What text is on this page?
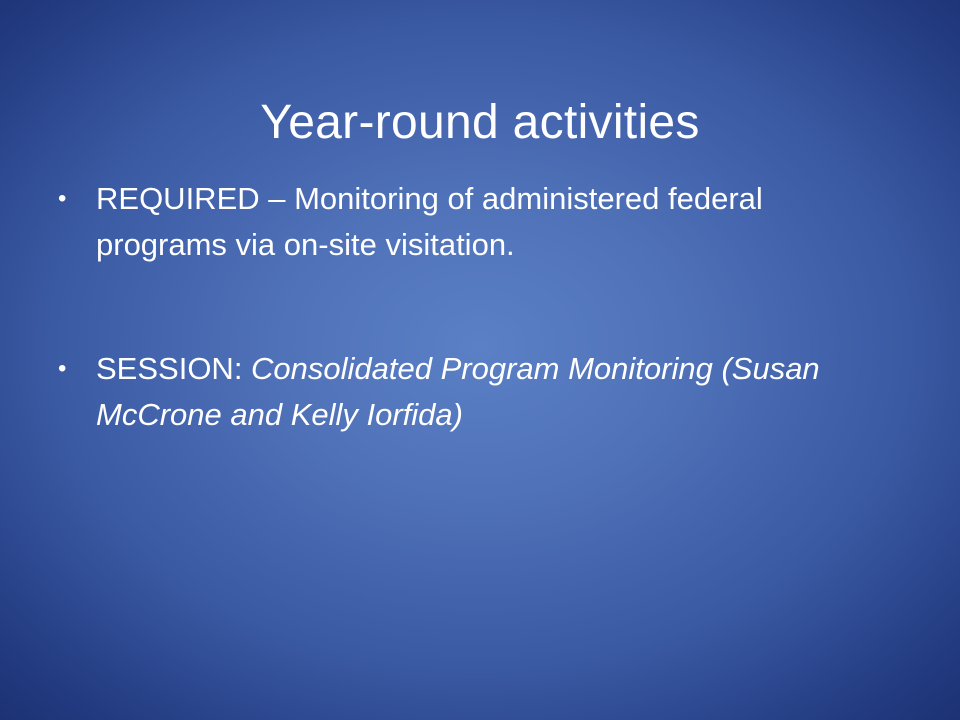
Year-round activities
• REQUIRED – Monitoring of administered federal programs via on-site visitation.
• SESSION: Consolidated Program Monitoring (Susan McCrone and Kelly Iorfida)
